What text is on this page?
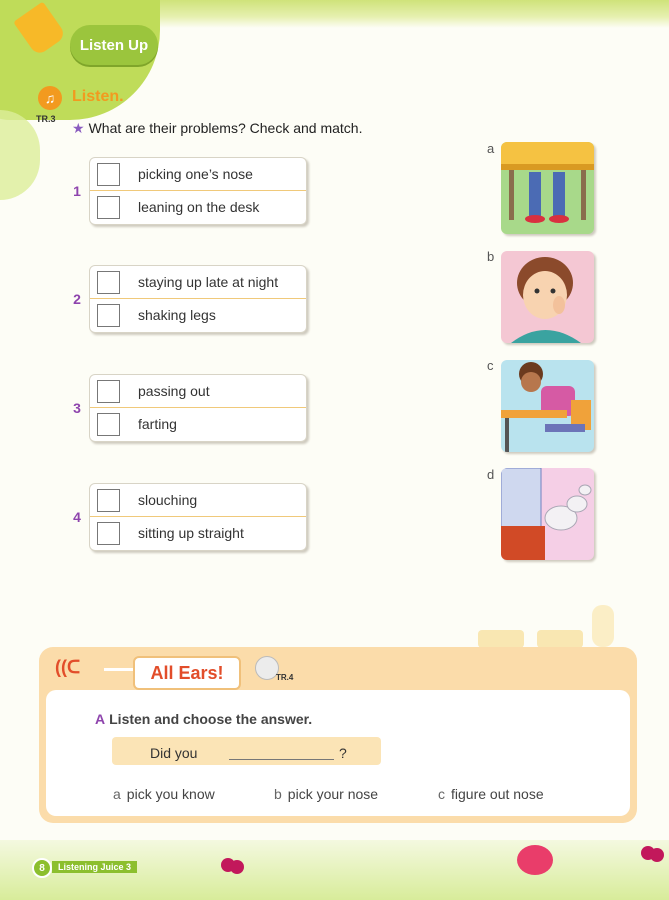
Listen Up
♫	Listen.
TR.3
★ What are their problems? Check and match.
1
picking one’s nose
leaning on the desk
2
staying up late at night
shaking legs
3
passing out
farting
4
slouching
sitting up straight
a
b
c
d
((ᑕ	All Ears!	TR.4
A Listen and choose the answer.
Did you	?
a pick you know	b pick your nose	c figure out nose
8	Listening Juice 3
